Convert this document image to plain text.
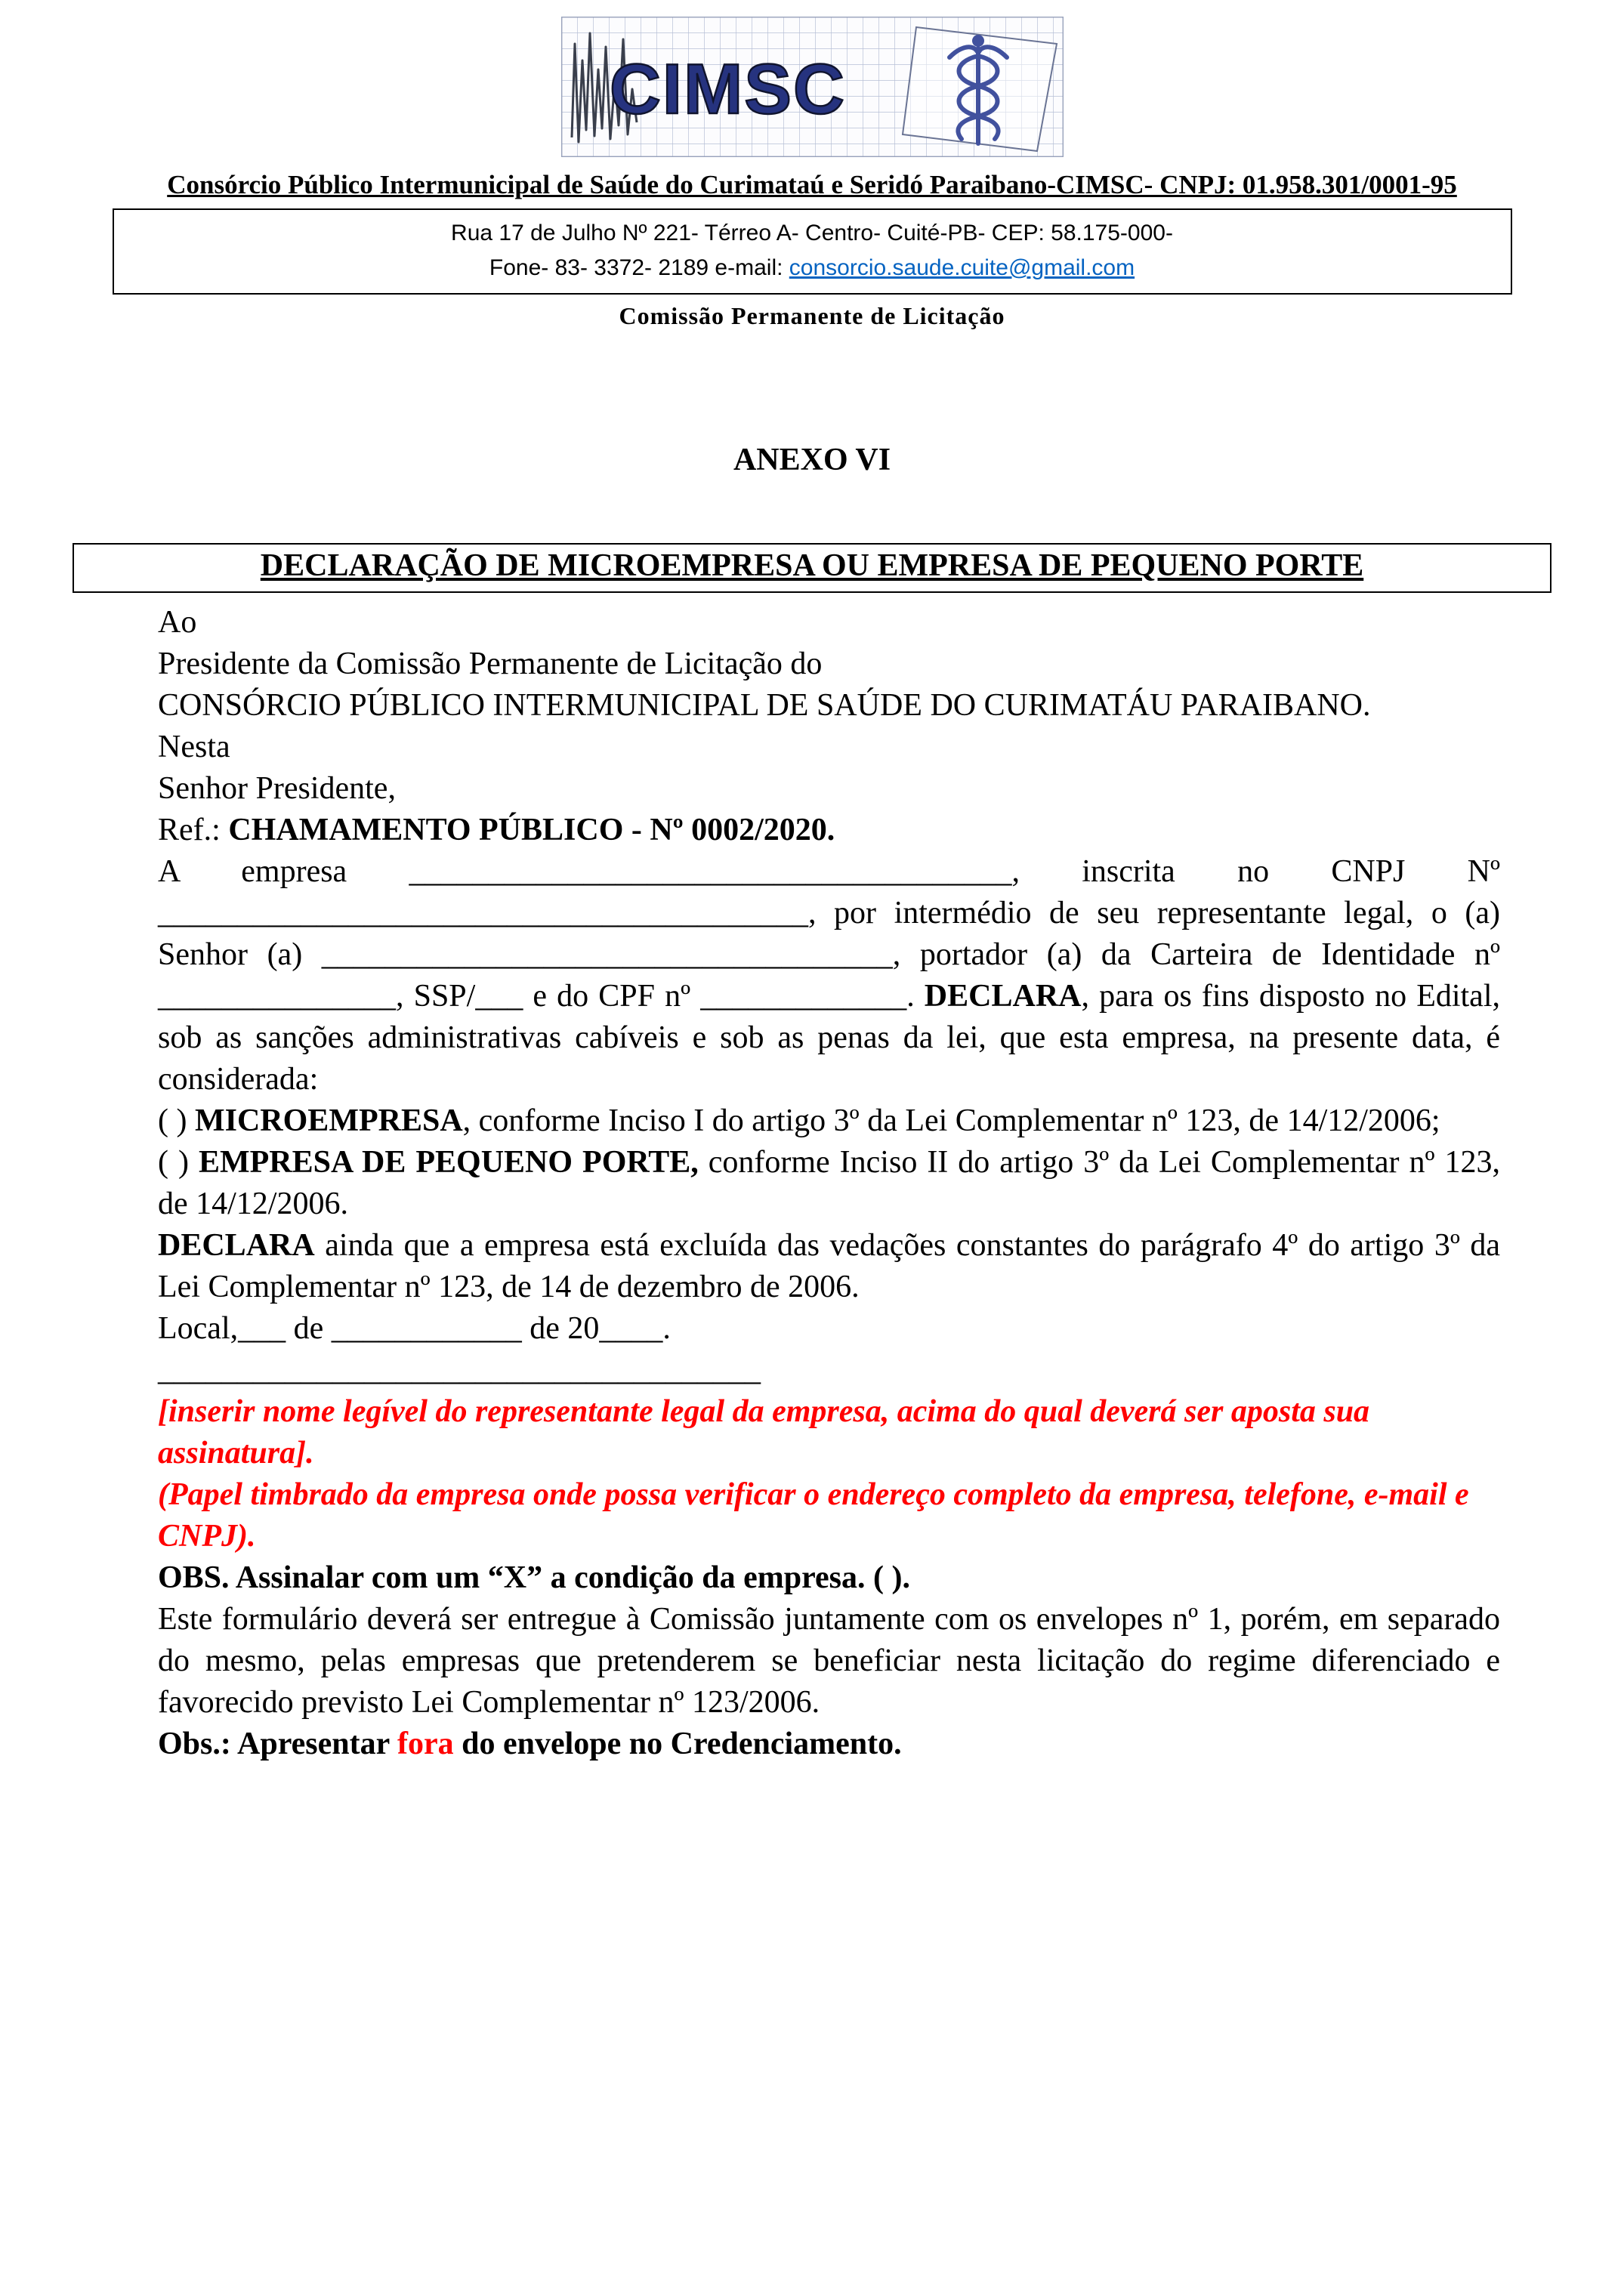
CIMSC
Consórcio Público Intermunicipal de Saúde do Curimataú e Seridó Paraibano-CIMSC- CNPJ: 01.958.301/0001-95
Rua 17 de Julho Nº 221- Térreo A- Centro- Cuité-PB- CEP: 58.175-000-
Fone- 83- 3372- 2189 e-mail: consorcio.saude.cuite@gmail.com
Comissão Permanente de Licitação
ANEXO VI
DECLARAÇÃO DE MICROEMPRESA OU EMPRESA DE PEQUENO PORTE

Ao

Presidente da Comissão Permanente de Licitação do

CONSÓRCIO PÚBLICO INTERMUNICIPAL DE SAÚDE DO CURIMATÁU PARAIBANO.

Nesta

Senhor Presidente,

Ref.: CHAMAMENTO PÚBLICO - Nº 0002/2020.

A empresa ______________________________________, inscrita no CNPJ Nº _________________________________________, por intermédio de seu representante legal, o (a) Senhor (a) ____________________________________, portador (a) da Carteira de Identidade nº _______________, SSP/___ e do CPF nº _____________. DECLARA, para os fins disposto no Edital, sob as sanções administrativas cabíveis e sob as penas da lei, que esta empresa, na presente data, é considerada:

( ) MICROEMPRESA, conforme Inciso I do artigo 3º da Lei Complementar nº 123, de 14/12/2006;

( ) EMPRESA DE PEQUENO PORTE, conforme Inciso II do artigo 3º da Lei Complementar nº 123, de 14/12/2006.

DECLARA ainda que a empresa está excluída das vedações constantes do parágrafo 4º do artigo 3º da Lei Complementar nº 123, de 14 de dezembro de 2006.

Local,___ de ____________ de 20____.

______________________________________

[inserir nome legível do representante legal da empresa, acima do qual deverá ser aposta sua assinatura].

(Papel timbrado da empresa onde possa verificar o endereço completo da empresa, telefone, e-mail e CNPJ).

OBS. Assinalar com um “X” a condição da empresa. ( ).

Este formulário deverá ser entregue à Comissão juntamente com os envelopes nº 1, porém, em separado do mesmo, pelas empresas que pretenderem se beneficiar nesta licitação do regime diferenciado e favorecido previsto Lei Complementar nº 123/2006.

Obs.: Apresentar fora do envelope no Credenciamento.
